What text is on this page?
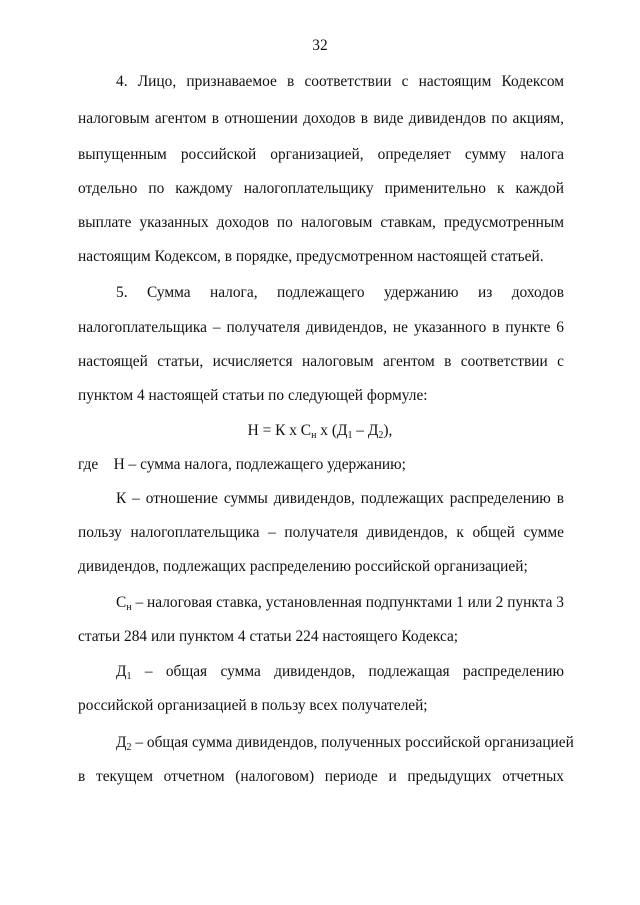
32
4. Лицо, признаваемое в соответствии с настоящим Кодексом
налоговым агентом в отношении доходов в виде дивидендов по акциям,
выпущенным российской организацией, определяет сумму налога
отдельно по каждому налогоплательщику применительно к каждой
выплате указанных доходов по налоговым ставкам, предусмотренным
настоящим Кодексом, в порядке, предусмотренном настоящей статьей.
5. Сумма налога, подлежащего удержанию из доходов
налогоплательщика – получателя дивидендов, не указанного в пункте 6
настоящей статьи, исчисляется налоговым агентом в соответствии с
пунктом 4 настоящей статьи по следующей формуле:
Н = К х Сн х (Д1 – Д2),
где    Н – сумма налога, подлежащего удержанию;
К – отношение суммы дивидендов, подлежащих распределению в
пользу налогоплательщика – получателя дивидендов, к общей сумме
дивидендов, подлежащих распределению российской организацией;
Сн – налоговая ставка, установленная подпунктами 1 или 2 пункта 3
статьи 284 или пунктом 4 статьи 224 настоящего Кодекса;
Д1 – общая сумма дивидендов, подлежащая распределению
российской организацией в пользу всех получателей;
Д2 – общая сумма дивидендов, полученных российской организацией
в текущем отчетном (налоговом) периоде и предыдущих отчетных
